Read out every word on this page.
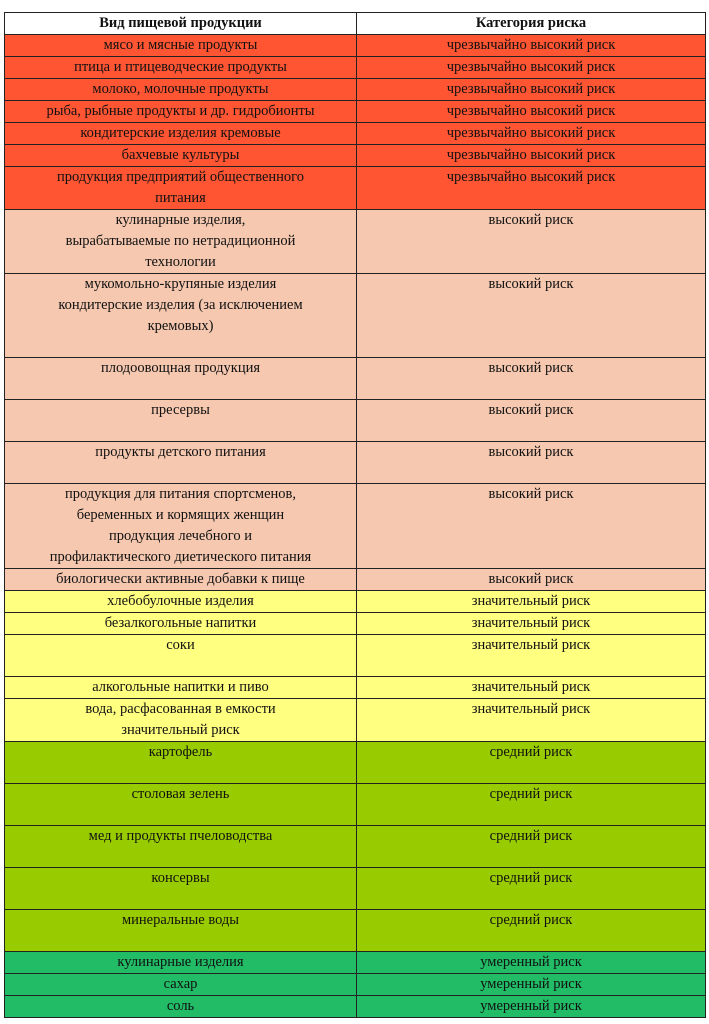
Вид пищевой продукции	Категория риска
мясо и мясные продукты	чрезвычайно высокий риск
птица и птицеводческие продукты	чрезвычайно высокий риск
молоко, молочные продукты	чрезвычайно высокий риск
рыба, рыбные продукты и др. гидробионты	чрезвычайно высокий риск
кондитерские изделия кремовые	чрезвычайно высокий риск
бахчевые культуры	чрезвычайно высокий риск
продукция предприятий общественного
питания	чрезвычайно высокий риск
кулинарные изделия,
вырабатываемые по нетрадиционной
технологии	высокий риск
мукомольно-крупяные изделия
кондитерские изделия (за исключением
кремовых)	высокий риск
плодоовощная продукция	высокий риск
пресервы	высокий риск
продукты детского питания	высокий риск
продукция для питания спортсменов,
беременных и кормящих женщин
продукция лечебного и
профилактического диетического питания	высокий риск
биологически активные добавки к пище	высокий риск
хлебобулочные изделия	значительный риск
безалкогольные напитки	значительный риск
соки	значительный риск
алкогольные напитки и пиво	значительный риск
вода, расфасованная в емкости
значительный риск	значительный риск
картофель	средний риск
столовая зелень	средний риск
мед и продукты пчеловодства	средний риск
консервы	средний риск
минеральные воды	средний риск
кулинарные изделия	умеренный риск
сахар	умеренный риск
соль	умеренный риск
